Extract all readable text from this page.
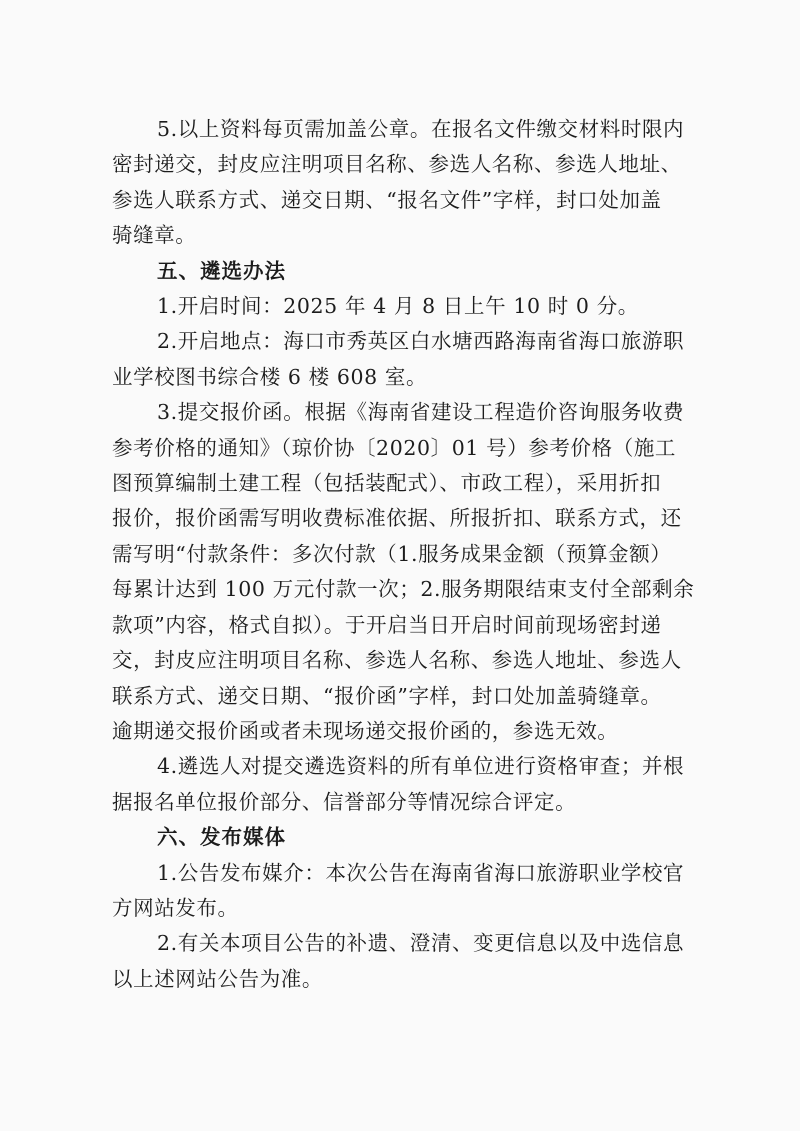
5.以上资料每页需加盖公章。在报名文件缴交材料时限内
密封递交，封皮应注明项目名称、参选人名称、参选人地址、
参选人联系方式、递交日期、“报名文件”字样，封口处加盖
骑缝章。

五、遴选办法

1.开启时间：2025 年 4 月 8 日上午 10 时 0 分。

2.开启地点：海口市秀英区白水塘西路海南省海口旅游职
业学校图书综合楼 6 楼 608 室。

3.提交报价函。根据《海南省建设工程造价咨询服务收费
参考价格的通知》（琼价协〔2020〕01 号）参考价格（施工
图预算编制土建工程（包括装配式）、市政工程），采用折扣
报价，报价函需写明收费标准依据、所报折扣、联系方式，还
需写明“付款条件：多次付款（1.服务成果金额（预算金额）
每累计达到 100 万元付款一次；2.服务期限结束支付全部剩余
款项”内容，格式自拟）。于开启当日开启时间前现场密封递
交，封皮应注明项目名称、参选人名称、参选人地址、参选人
联系方式、递交日期、“报价函”字样，封口处加盖骑缝章。
逾期递交报价函或者未现场递交报价函的，参选无效。

4.遴选人对提交遴选资料的所有单位进行资格审查；并根
据报名单位报价部分、信誉部分等情况综合评定。

六、发布媒体

1.公告发布媒介：本次公告在海南省海口旅游职业学校官
方网站发布。

2.有关本项目公告的补遗、澄清、变更信息以及中选信息
以上述网站公告为准。
